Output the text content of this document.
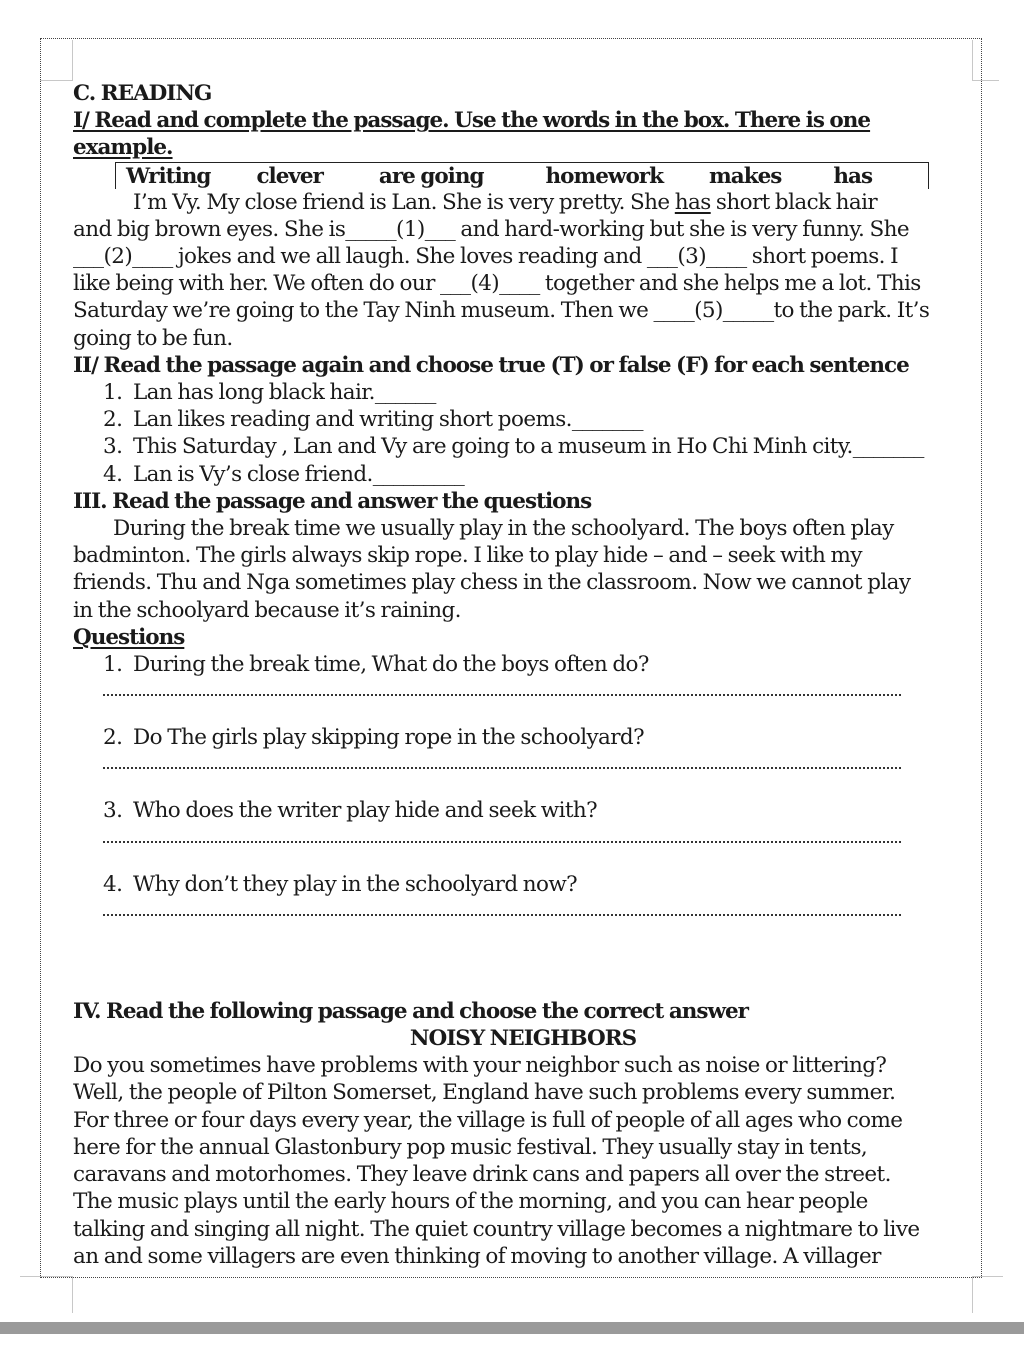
C. READING
I/ Read and complete the passage. Use the words in the box. There is one example.
Writing clever	are going	homework makes has
I’m Vy. My close friend is Lan. She is very pretty. She has short black hair
and big brown eyes. She is_____(1)___ and hard-working but she is very funny. She
___(2)____ jokes and we all laugh. She loves reading and ___(3)____ short poems. I
like being with her. We often do our ___(4)____ together and she helps me a lot. This
Saturday we’re going to the Tay Ninh museum. Then we ____(5)_____to the park. It’s
going to be fun.
II/ Read the passage again and choose true (T) or false (F) for each sentence
1. Lan has long black hair.______
2. Lan likes reading and writing short poems._______
3. This Saturday , Lan and Vy are going to a museum in Ho Chi Minh city._______
4. Lan is Vy’s close friend._________
III. Read the passage and answer the questions
During the break time we usually play in the schoolyard. The boys often play
badminton. The girls always skip rope. I like to play hide – and – seek with my
friends. Thu and Nga sometimes play chess in the classroom. Now we cannot play
in the schoolyard because it’s raining.
Questions
1. During the break time, What do the boys often do?
2. Do The girls play skipping rope in the schoolyard?
3. Who does the writer play hide and seek with?
4. Why don’t they play in the schoolyard now?
IV. Read the following passage and choose the correct answer
NOISY NEIGHBORS
Do you sometimes have problems with your neighbor such as noise or littering?
Well, the people of Pilton Somerset, England have such problems every summer.
For three or four days every year, the village is full of people of all ages who come
here for the annual Glastonbury pop music festival. They usually stay in tents,
caravans and motorhomes. They leave drink cans and papers all over the street.
The music plays until the early hours of the morning, and you can hear people
talking and singing all night. The quiet country village becomes a nightmare to live
an and some villagers are even thinking of moving to another village. A villager
